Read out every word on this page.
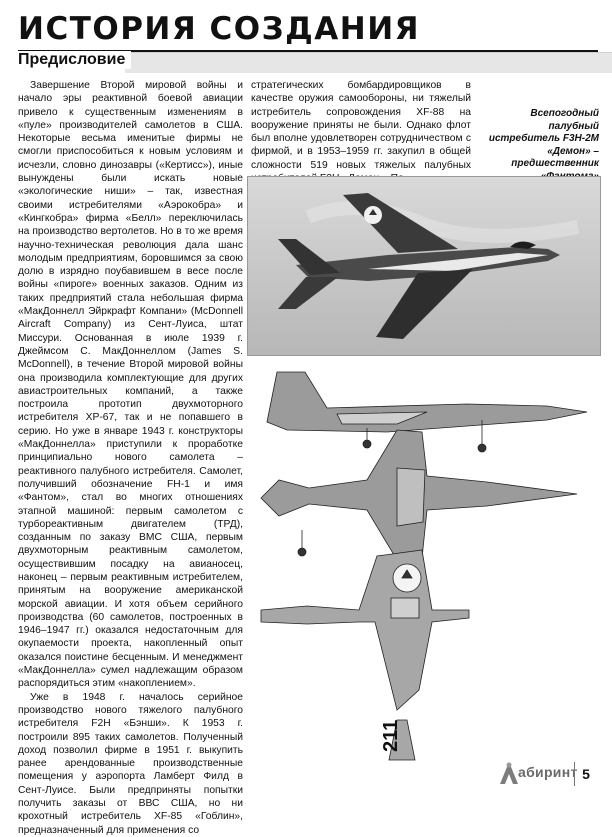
ИСТОРИЯ СОЗДАНИЯ
Предисловие

Завершение Второй мировой войны и начало эры реактивной боевой авиации привело к существенным изменениям в «пуле» производителей самолетов в США. Некоторые весьма именитые фирмы не смогли приспособиться к новым условиям и исчезли, словно динозавры («Кертисс»), иные вынуждены были искать новые «экологические ниши» – так, известная своими истребителями «Аэрокобра» и «Кингкобра» фирма «Белл» переключилась на производство вертолетов. Но в то же время научно-техническая революция дала шанс молодым предприятиям, боровшимся за свою долю в изрядно поубавившем в весе после войны «пироге» военных заказов. Одним из таких предприятий стала небольшая фирма «МакДоннелл Эйркрафт Компани» (McDonnell Aircraft Company) из Сент-Луиса, штат Миссури. Основанная в июле 1939 г. Джеймсом С. МакДоннеллом (James S. McDonnell), в течение Второй мировой войны она производила комплектующие для других авиастроительных компаний, а также построила прототип двухмоторного истребителя XP-67, так и не попавшего в серию. Но уже в январе 1943 г. конструкторы «МакДоннелла» приступили к проработке принципиально нового самолета – реактивного палубного истребителя. Самолет, получивший обозначение FH-1 и имя «Фантом», стал во многих отношениях этапной машиной: первым самолетом с турбореактивным двигателем (ТРД), созданным по заказу ВМС США, первым двухмоторным реактивным самолетом, осуществившим посадку на авианосец, наконец – первым реактивным истребителем, принятым на вооружение американской морской авиации. И хотя объем серийного производства (60 самолетов, построенных в 1946–1947 гг.) оказался недостаточным для окупаемости проекта, накопленный опыт оказался поистине бесценным. И менеджмент «МакДоннелла» сумел надлежащим образом распорядиться этим «накоплением».

Уже в 1948 г. началось серийное производство нового тяжелого палубного истребителя F2H «Бэнши». К 1953 г. построили 895 таких самолетов. Полученный доход позволил фирме в 1951 г. выкупить ранее арендованные производственные помещения у аэропорта Ламберт Филд в Сент-Луисе. Были предприняты попытки получить заказы от ВВС США, но ни крохотный истребитель XF-85 «Гоблин», предназначенный для применения со

стратегических бомбардировщиков в качестве оружия самообороны, ни тяжелый истребитель сопровождения XF-88 на вооружение приняты не были. Однако флот был вполне удовлетворен сотрудничеством с фирмой, и в 1953–1959 гг. закупил в общей сложности 519 новых тяжелых палубных

Всепогодный палубный истребитель F3H-2M «Демон» – предшественник
211
абиринт 5
